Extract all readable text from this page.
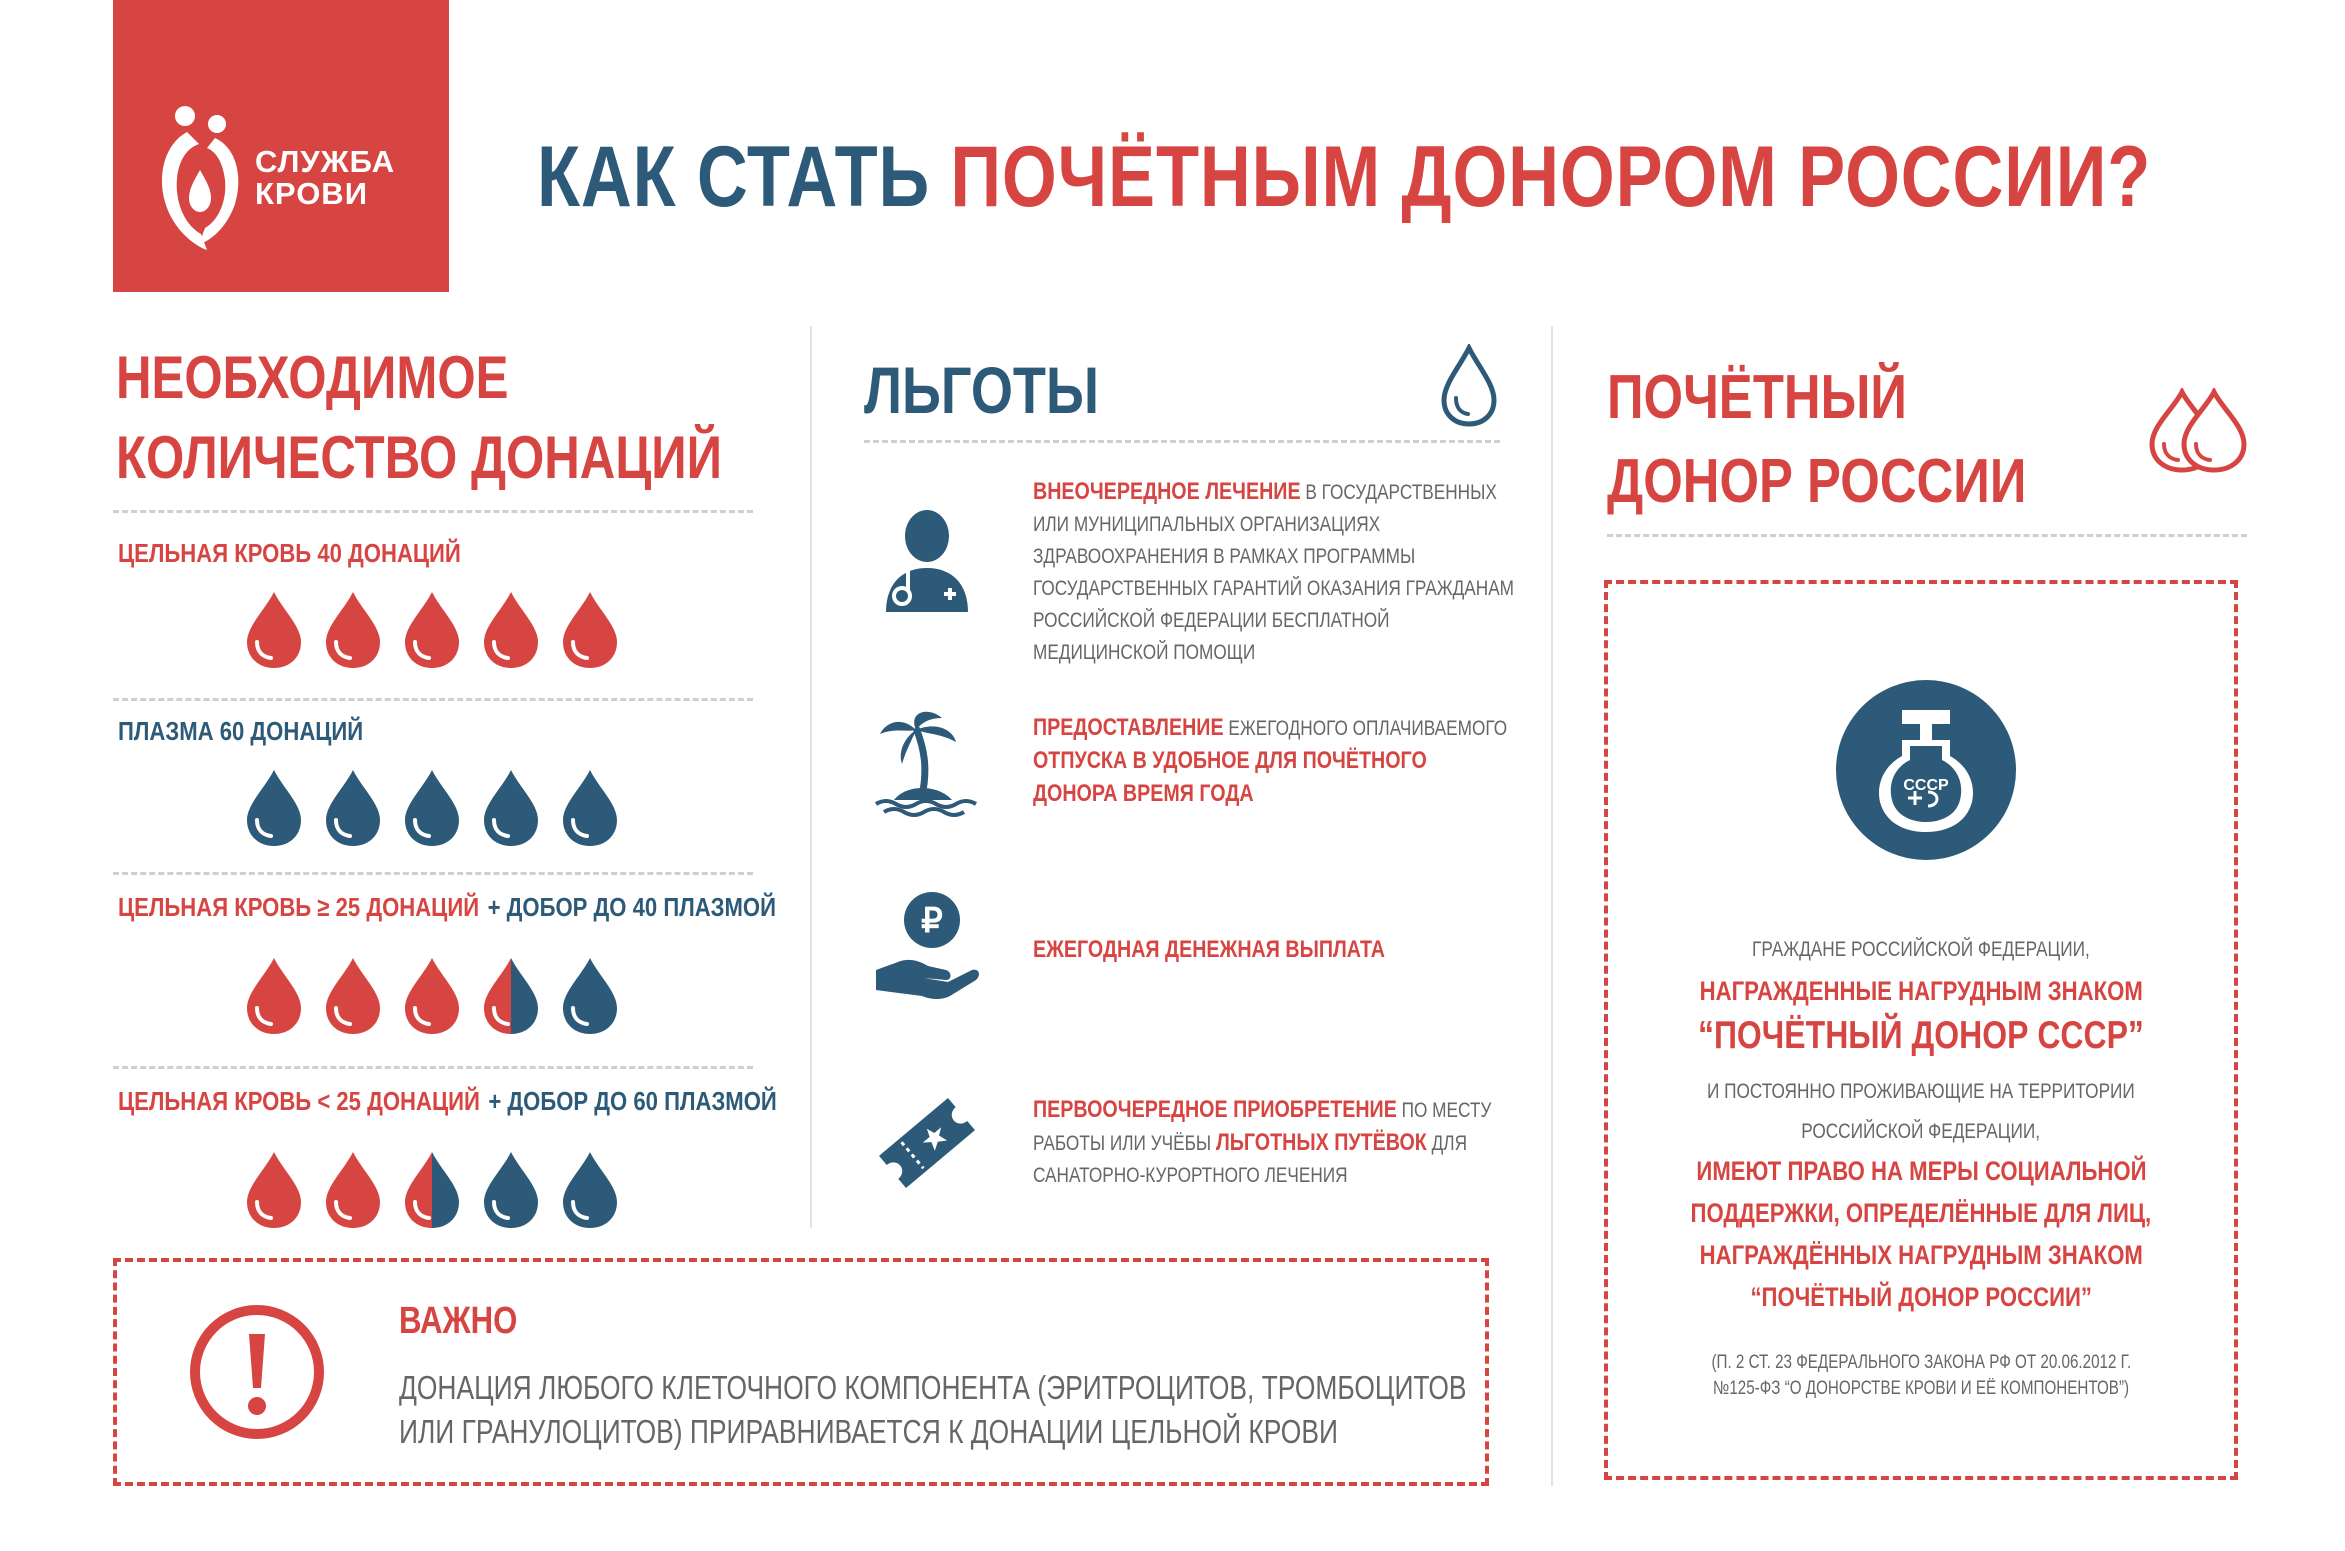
СЛУЖБА
КРОВИ	КАК СТАТЬ ПОЧЁТНЫМ ДОНОРОМ РОССИИ?
НЕОБХОДИМОЕ
КОЛИЧЕСТВО ДОНАЦИЙ
ЦЕЛЬНАЯ КРОВЬ 40 ДОНАЦИЙ
ПЛАЗМА 60 ДОНАЦИЙ
ЦЕЛЬНАЯ КРОВЬ ≥ 25 ДОНАЦИЙ + ДОБОР ДО 40 ПЛАЗМОЙ
ЦЕЛЬНАЯ КРОВЬ < 25 ДОНАЦИЙ + ДОБОР ДО 60 ПЛАЗМОЙ
ЛЬГОТЫ
₽
ВНЕОЧЕРЕДНОЕ ЛЕЧЕНИЕ В ГОСУДАРСТВЕННЫХ
ИЛИ МУНИЦИПАЛЬНЫХ ОРГАНИЗАЦИЯХ
ЗДРАВООХРАНЕНИЯ В РАМКАХ ПРОГРАММЫ
ГОСУДАРСТВЕННЫХ ГАРАНТИЙ ОКАЗАНИЯ ГРАЖДАНАМ
РОССИЙСКОЙ ФЕДЕРАЦИИ БЕСПЛАТНОЙ
МЕДИЦИНСКОЙ ПОМОЩИ
ПРЕДОСТАВЛЕНИЕ ЕЖЕГОДНОГО ОПЛАЧИВАЕМОГО
ОТПУСКА В УДОБНОЕ ДЛЯ ПОЧЁТНОГО
ДОНОРА ВРЕМЯ ГОДА
ЕЖЕГОДНАЯ ДЕНЕЖНАЯ ВЫПЛАТА
ПЕРВООЧЕРЕДНОЕ ПРИОБРЕТЕНИЕ ПО МЕСТУ
РАБОТЫ ИЛИ УЧЁБЫ ЛЬГОТНЫХ ПУТЁВОК ДЛЯ
САНАТОРНО-КУРОРТНОГО ЛЕЧЕНИЯ
ПОЧЁТНЫЙ
ДОНОР РОССИИ
СССР
ГРАЖДАНЕ РОССИЙСКОЙ ФЕДЕРАЦИИ,
НАГРАЖДЕННЫЕ НАГРУДНЫМ ЗНАКОМ
“ПОЧЁТНЫЙ ДОНОР СССР”
И ПОСТОЯННО ПРОЖИВАЮЩИЕ НА ТЕРРИТОРИИ
РОССИЙСКОЙ ФЕДЕРАЦИИ,
ИМЕЮТ ПРАВО НА МЕРЫ СОЦИАЛЬНОЙ
ПОДДЕРЖКИ, ОПРЕДЕЛЁННЫЕ ДЛЯ ЛИЦ,
НАГРАЖДЁННЫХ НАГРУДНЫМ ЗНАКОМ
“ПОЧЁТНЫЙ ДОНОР РОССИИ”
(П. 2 СТ. 23 ФЕДЕРАЛЬНОГО ЗАКОНА РФ ОТ 20.06.2012 Г.
№125-ФЗ “О ДОНОРСТВЕ КРОВИ И ЕЁ КОМПОНЕНТОВ”)
ВАЖНО
ДОНАЦИЯ ЛЮБОГО КЛЕТОЧНОГО КОМПОНЕНТА (ЭРИТРОЦИТОВ, ТРОМБОЦИТОВ
ИЛИ ГРАНУЛОЦИТОВ) ПРИРАВНИВАЕТСЯ К ДОНАЦИИ ЦЕЛЬНОЙ КРОВИ
